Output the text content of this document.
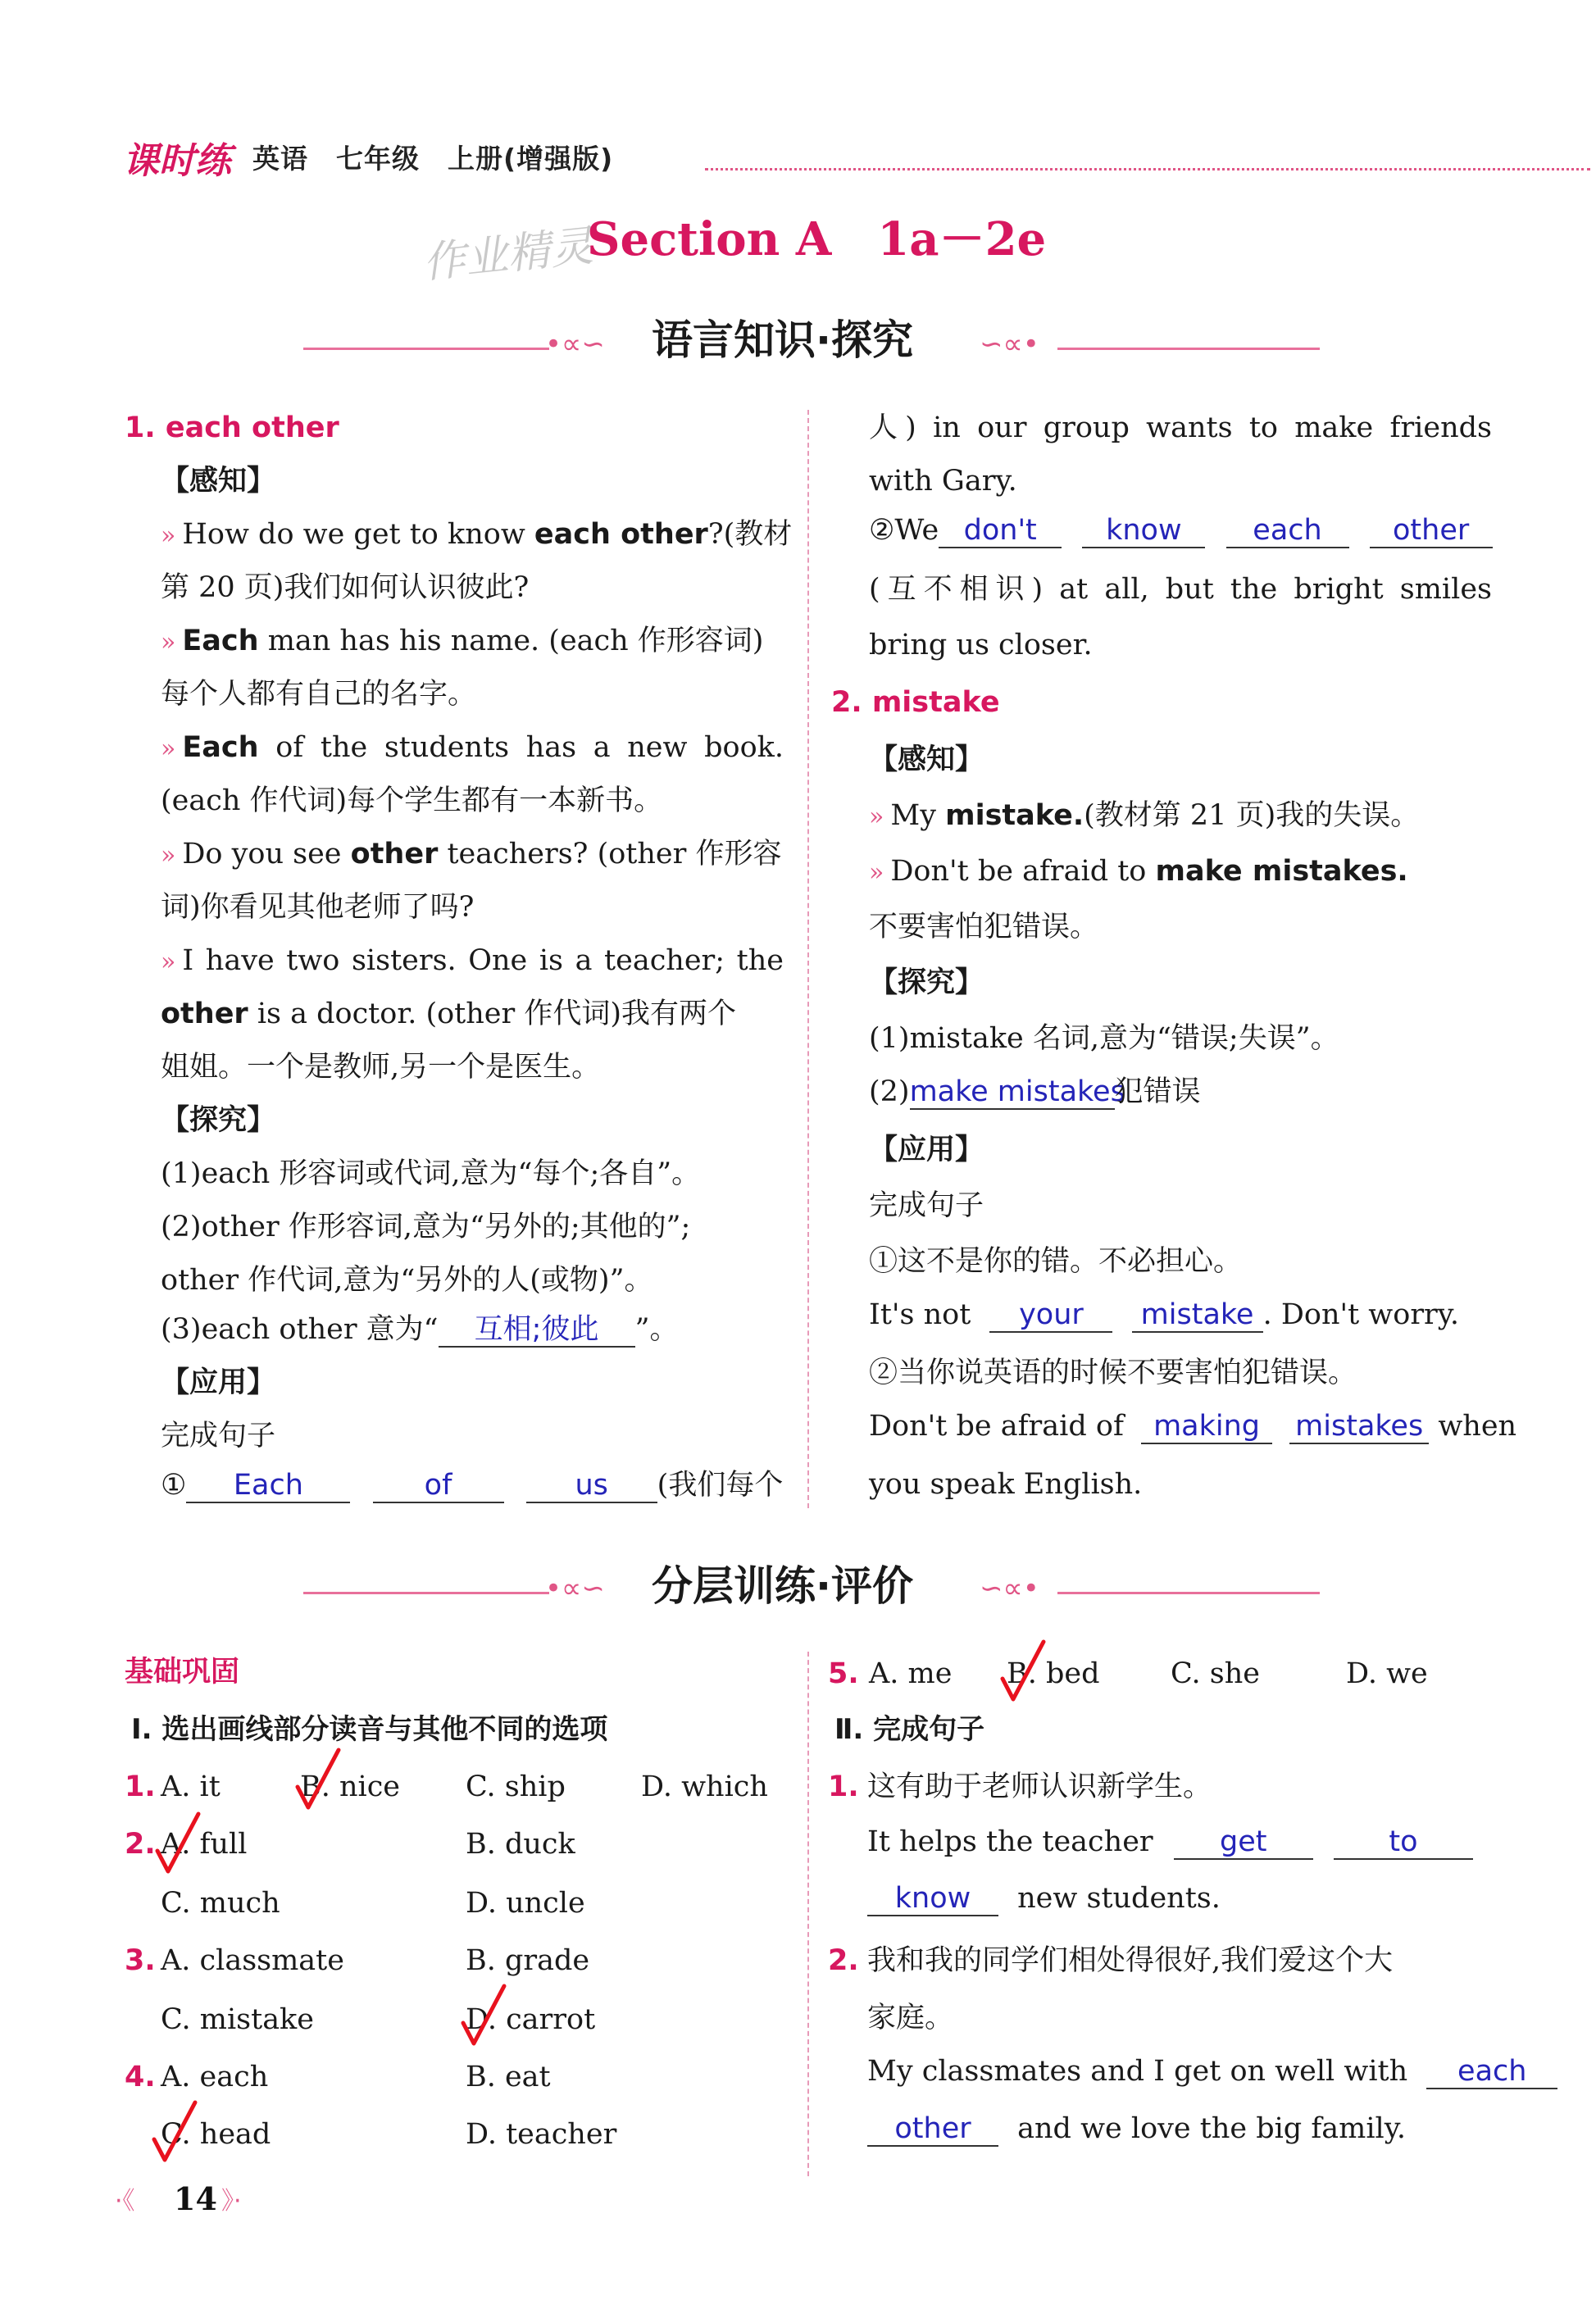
课时练 英语　七年级　上册(增强版)
作业精灵
Section A　1a－2e
•∝∽ 语言知识·探究 ∽∝•
1. each other
【感知】
» How do we get to know each other?(教材
第 20 页)我们如何认识彼此?
» Each man has his name. (each 作形容词)
每个人都有自己的名字。
» Each of the students has a new book.
(each 作代词)每个学生都有一本新书。
» Do you see other teachers? (other 作形容
词)你看见其他老师了吗?
» I have two sisters. One is a teacher; the
other is a doctor. (other 作代词)我有两个
姐姐。一个是教师,另一个是医生。
【探究】
(1)each 形容词或代词,意为“每个;各自”。
(2)other 作形容词,意为“另外的;其他的”;
other 作代词,意为“另外的人(或物)”。
(3)each other 意为“ 互相;彼此 ”。
【应用】
完成句子
① Each	of	us (我们每个
人) in our group wants to make friends
with Gary.
②We don't know each other
(互不相识) at all, but the bright smiles
bring us closer.
2. mistake
【感知】
» My mistake.(教材第 21 页)我的失误。
» Don't be afraid to make mistakes.
不要害怕犯错误。
【探究】
(1)mistake 名词,意为“错误;失误”。
(2)make mistakes犯错误
【应用】
完成句子
①这不是你的错。不必担心。
It's not your mistake . Don't worry.
②当你说英语的时候不要害怕犯错误。
Don't be afraid of making mistakes when
you speak English.
•∝∽ 分层训练·评价 ∽∝•
基础巩固
Ⅰ. 选出画线部分读音与其他不同的选项
1. A. it	B. nice C. ship	D. which
2. A. full	B. duck
C. much	D. uncle
3. A. classmate	B. grade
C. mistake	D. carrot
4. A. each	B. eat
C. head	D. teacher
5. A. me B. bed C. she	D. we
Ⅱ. 完成句子
1. 这有助于老师认识新学生。
It helps the teacher get	to
know new students.
2. 我和我的同学们相处得很好,我们爱这个大
家庭。
My classmates and I get on well with each
other and we love the big family.
·《 14 》·
